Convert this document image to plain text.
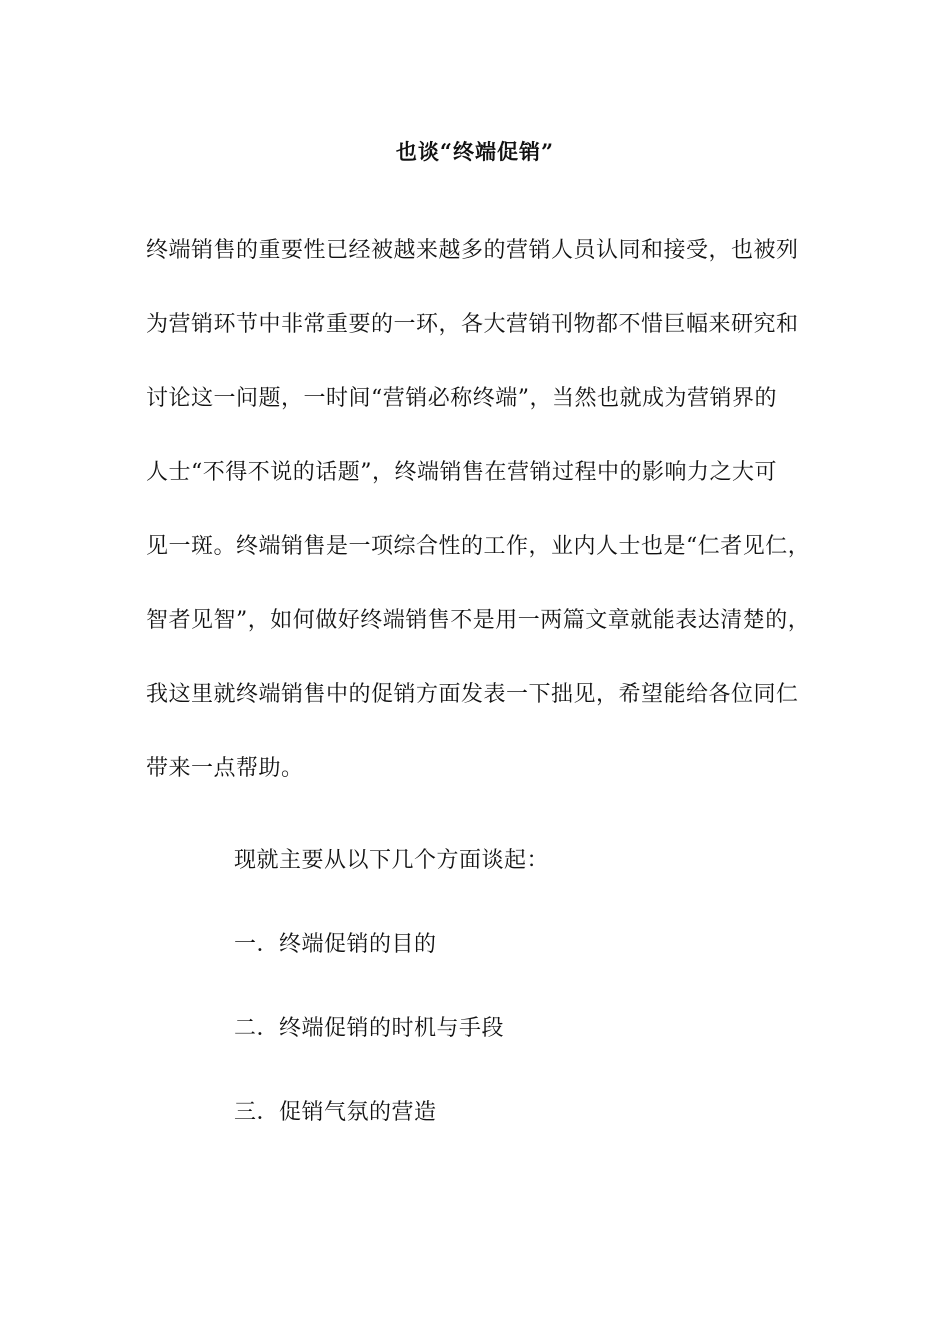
也谈“终端促销”
终端销售的重要性已经被越来越多的营销人员认同和接受，也被列
为营销环节中非常重要的一环，各大营销刊物都不惜巨幅来研究和
讨论这一问题，一时间“营销必称终端”，当然也就成为营销界的
人士“不得不说的话题”，终端销售在营销过程中的影响力之大可
见一斑。终端销售是一项综合性的工作，业内人士也是“仁者见仁，
智者见智”，如何做好终端销售不是用一两篇文章就能表达清楚的，
我这里就终端销售中的促销方面发表一下拙见，希望能给各位同仁
带来一点帮助。
现就主要从以下几个方面谈起：
一．终端促销的目的
二．终端促销的时机与手段
三．促销气氛的营造
